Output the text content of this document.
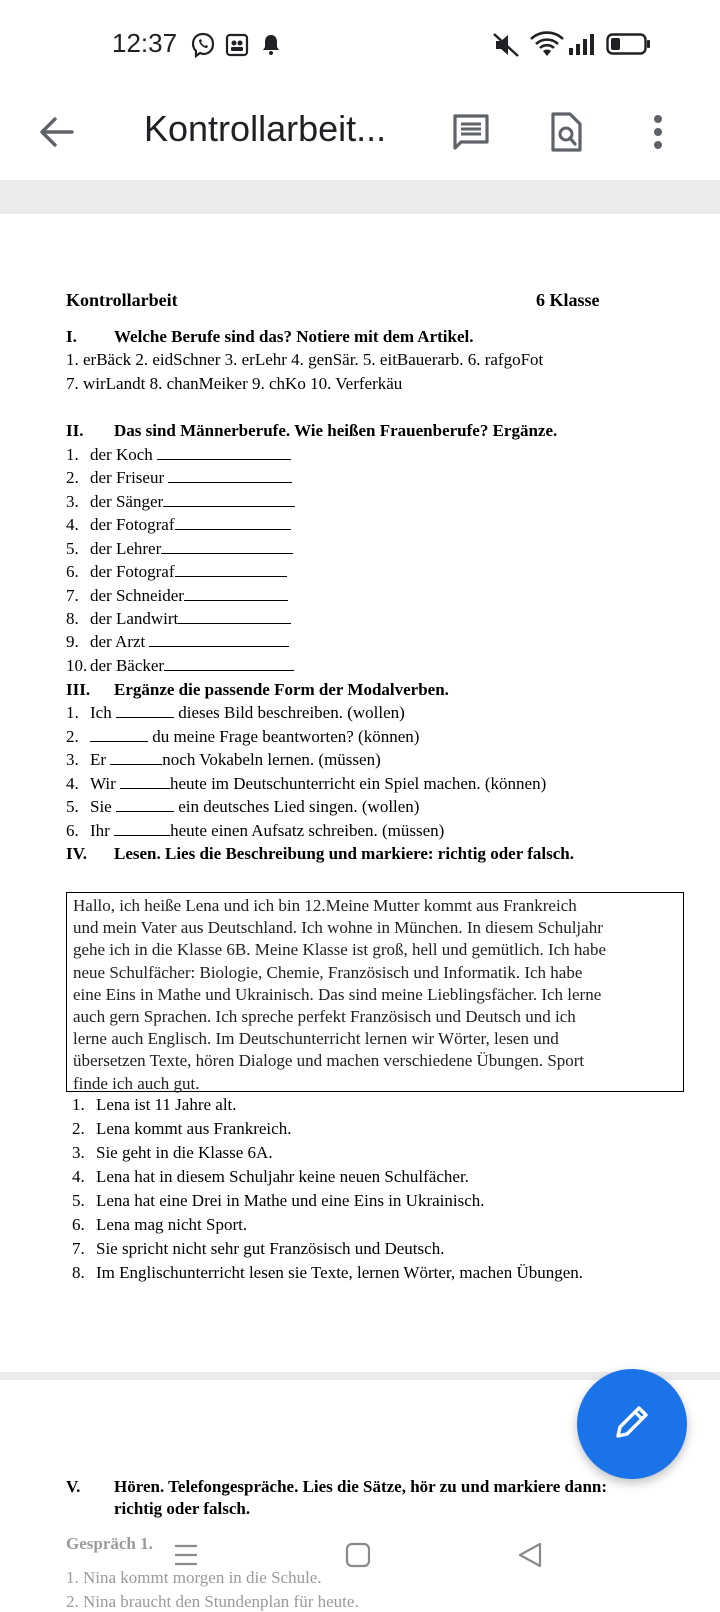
12:37
Kontrollarbeit...
Kontrollarbeit	6 Klasse
I. Welche Berufe sind das? Notiere mit dem Artikel.
1. erBäck 2. eidSchner 3. erLehr 4. genSär. 5. eitBauerarb. 6. rafgoFot
7. wirLandt 8. chanMeiker 9. chKo 10. Verferkäu
II. Das sind Männerberufe. Wie heißen Frauenberufe? Ergänze.
1. der Koch
2. der Friseur
3. der Sänger
4. der Fotograf
5. der Lehrer
6. der Fotograf
7. der Schneider
8. der Landwirt
9. der Arzt
10. der Bäcker
III. Ergänze die passende Form der Modalverben.
1. Ich	dieses Bild beschreiben. (wollen)
2.	du meine Frage beantworten? (können)
3. Er	noch Vokabeln lernen. (müssen)
4. Wir	heute im Deutschunterricht ein Spiel machen. (können)
5. Sie	ein deutsches Lied singen. (wollen)
6. Ihr	heute einen Aufsatz schreiben. (müssen)
IV. Lesen. Lies die Beschreibung und markiere: richtig oder falsch.

Hallo, ich heiße Lena und ich bin 12.Meine Mutter kommt aus Frankreich
und mein Vater aus Deutschland. Ich wohne in München. In diesem Schuljahr
gehe ich in die Klasse 6B. Meine Klasse ist groß, hell und gemütlich. Ich habe
neue Schulfächer: Biologie, Chemie, Französisch und Informatik. Ich habe
eine Eins in Mathe und Ukrainisch. Das sind meine Lieblingsfächer. Ich lerne
auch gern Sprachen. Ich spreche perfekt Französisch und Deutsch und ich
lerne auch Englisch. Im Deutschunterricht lernen wir Wörter, lesen und
übersetzen Texte, hören Dialoge und machen verschiedene Übungen. Sport
finde ich auch gut.

1. Lena ist 11 Jahre alt.
2. Lena kommt aus Frankreich.
3. Sie geht in die Klasse 6A.
4. Lena hat in diesem Schuljahr keine neuen Schulfächer.
5. Lena hat eine Drei in Mathe und eine Eins in Ukrainisch.
6. Lena mag nicht Sport.
7. Sie spricht nicht sehr gut Französisch und Deutsch.
8. Im Englischunterricht lesen sie Texte, lernen Wörter, machen Übungen.
V. Hören. Telefongespräche. Lies die Sätze, hör zu und markiere dann:
richtig oder falsch.
Gespräch 1.
1. Nina kommt morgen in die Schule.
2. Nina braucht den Stundenplan für heute.
